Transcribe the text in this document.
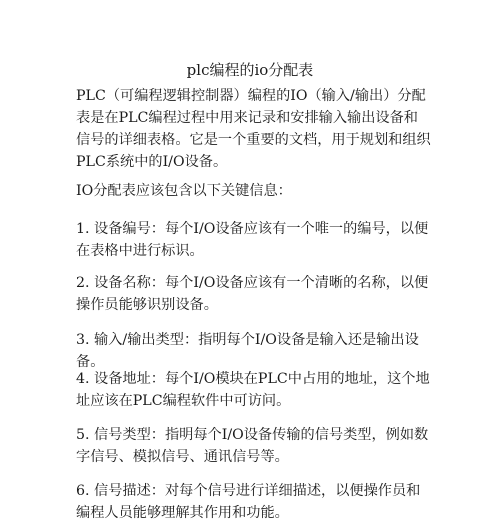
plc编程的io分配表

PLC（可编程逻辑控制器）编程的IO（输入/输出）分配表是在PLC编程过程中用来记录和安排输入输出设备和信号的详细表格。它是一个重要的文档，用于规划和组织PLC系统中的I/O设备。

IO分配表应该包含以下关键信息：

1. 设备编号：每个I/O设备应该有一个唯一的编号，以便在表格中进行标识。

2. 设备名称：每个I/O设备应该有一个清晰的名称，以便操作员能够识别设备。

3. 输入/输出类型：指明每个I/O设备是输入还是输出设备。

4. 设备地址：每个I/O模块在PLC中占用的地址，这个地址应该在PLC编程软件中可访问。

5. 信号类型：指明每个I/O设备传输的信号类型，例如数字信号、模拟信号、通讯信号等。

6. 信号描述：对每个信号进行详细描述，以便操作员和编程人员能够理解其作用和功能。
